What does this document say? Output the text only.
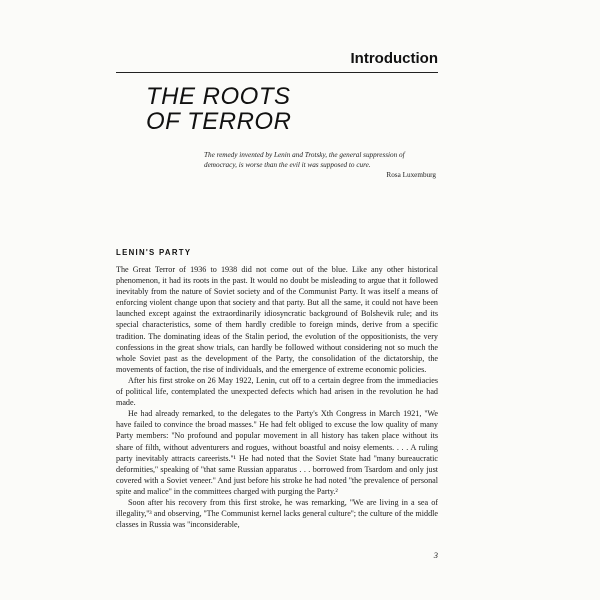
Introduction
THE ROOTS
OF TERROR
The remedy invented by Lenin and Trotsky, the general suppression of democracy, is worse than the evil it was supposed to cure.
Rosa Luxemburg
LENIN'S PARTY

The Great Terror of 1936 to 1938 did not come out of the blue. Like any other historical phenomenon, it had its roots in the past. It would no doubt be misleading to argue that it followed inevitably from the nature of Soviet society and of the Communist Party. It was itself a means of enforcing violent change upon that society and that party. But all the same, it could not have been launched except against the extraordinarily idiosyncratic background of Bolshevik rule; and its special characteristics, some of them hardly credible to foreign minds, derive from a specific tradition. The dominating ideas of the Stalin period, the evolution of the oppositionists, the very confessions in the great show trials, can hardly be followed without considering not so much the whole Soviet past as the development of the Party, the consolidation of the dictatorship, the movements of faction, the rise of individuals, and the emergence of extreme economic policies.

After his first stroke on 26 May 1922, Lenin, cut off to a certain degree from the immediacies of political life, contemplated the unexpected defects which had arisen in the revolution he had made.

He had already remarked, to the delegates to the Party's Xth Congress in March 1921, ''We have failed to convince the broad masses.'' He had felt obliged to excuse the low quality of many Party members: ''No profound and popular movement in all history has taken place without its share of filth, without adventurers and rogues, without boastful and noisy elements. . . . A ruling party inevitably attracts careerists.''¹ He had noted that the Soviet State had ''many bureaucratic deformities,'' speaking of ''that same Russian apparatus . . . borrowed from Tsardom and only just covered with a Soviet veneer.'' And just before his stroke he had noted ''the prevalence of personal spite and malice'' in the committees charged with purging the Party.²

Soon after his recovery from this first stroke, he was remarking, ''We are living in a sea of illegality,''³ and observing, ''The Communist kernel lacks general culture''; the culture of the middle classes in Russia was ''inconsiderable,

3
